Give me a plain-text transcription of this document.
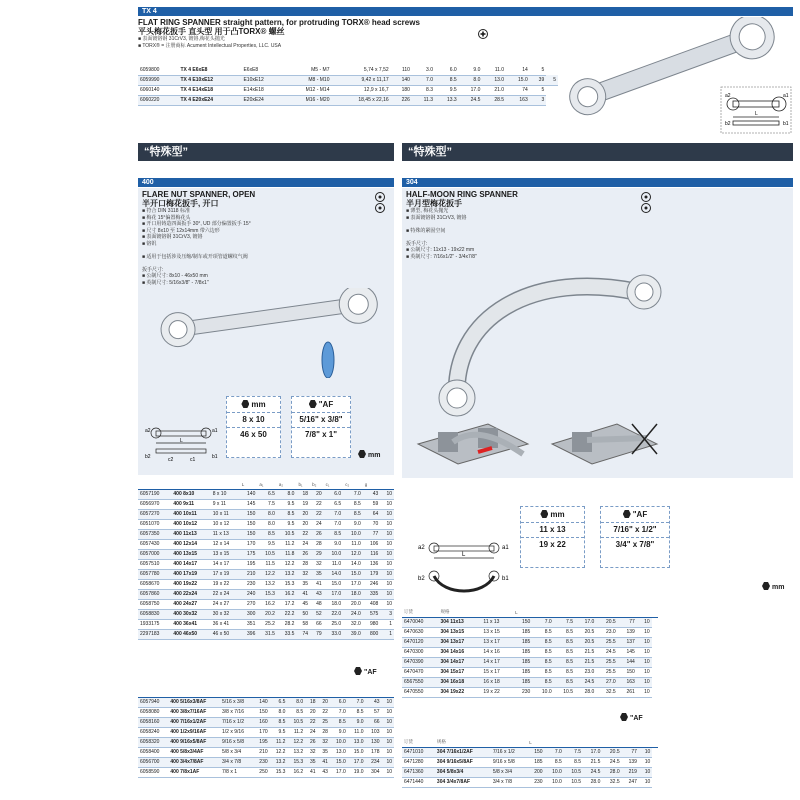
TX 4
FLAT RING SPANNER straight pattern, for protruding TORX® head screws
平头梅花扳手 直头型 用于凸TORX® 螺丝
■ 表面镀铬钢 31CrV3, 镀铬,梅花头抛光
■ TORX® = 注册商标 Acument Intellectual Properties, LLC. USA
a2	a1
L
b2	b1
6059800	TX 4 E6xE8	E6xE8	M5 - M7	5,74 x 7,52	110	3.0	6.0	9.0	11.0	14	5	
6059990	TX 4 E10xE12	E10xE12	M8 - M10	9,42 x 11,17	140	7.0	8.5	8.0	13.0	15.0	39	5
6060140	TX 4 E14xE18	E14xE18	M12 - M14	12,9 x 16,7	180	8.3	9.5	17.0	21.0	74	5	
6060220	TX 4 E20xE24	E20xE24	M16 - M20	18,45 x 22,16	226	11.3	13.3	24.5	28.5	163	3	
“特殊型”	“特殊型”
400
FLARE NUT SPANNER, OPEN
半开口梅花扳手, 开口
■ 符合 DIN 3118 标准
■ 梅花 15°偏置梅花头
■ 开口用铸造四面扳手 30°, UD 部分偏置扳手 15°
■ 尺寸 8x10 至 12x14mm 带六边形
■ 表面镀铬钢 31CrV3, 镀铬
■ 铬钒

■ 适用于包括涉及压缩/制车或开项管道螺纹气阀

扳手尺寸:
■ 公制尺寸: 8x10 - 46x50 mm
■ 英制尺寸: 5/16x3/8" - 7/8x1"
a2	a1
L
b2	c2	c1	b1
mm
8 x 10
46 x 50
"AF
5/16" x 3/8"
7/8" x 1"
mm
			L	a₁	a₂	b₁	b₂	c₁	c₂	g	
6057190	400 8x10	8 x 10	140	6.5	8.0	18	20	6.0	7.0	43	10
6056970	400 9x11	9 x 11	145	7.5	9.5	19	22	6.5	8.5	59	10
6057270	400 10x11	10 x 11	150	8.0	8.5	20	22	7.0	8.5	64	10
6051070	400 10x12	10 x 12	150	8.0	9.5	20	24	7.0	9.0	70	10
6057350	400 11x13	11 x 13	150	8.5	10.5	22	26	8.5	10.0	77	10
6057430	400 12x14	12 x 14	170	9.5	11.2	24	28	9.0	11.0	106	10
6057000	400 13x15	13 x 15	175	10.5	11.8	26	29	10.0	12.0	116	10
6057510	400 14x17	14 x 17	195	11.5	12.2	28	32	11.0	14.0	136	10
6057780	400 17x19	17 x 19	210	12.2	13.2	32	35	14.0	15.0	179	10
6058670	400 19x22	19 x 22	230	13.2	15.3	35	41	15.0	17.0	246	10
6057860	400 22x24	22 x 24	240	15.3	16.2	41	43	17.0	18.0	335	10
6058750	400 24x27	24 x 27	270	16.2	17.2	45	48	18.0	20.0	408	10
6058830	400 30x32	30 x 32	300	20.2	22.2	50	52	22.0	24.0	575	3
1933175	400 36x41	36 x 41	351	25.2	28.2	58	66	25.0	32.0	980	1
2297183	400 46x50	46 x 50	396	31.5	33.5	74	79	33.0	39.0	800	1
"AF

6057940	400 5/16x3/8AF	5/16 x 3/8	140	6.5	8.0	18	20	6.0	7.0	43	10
6058080	400 3/8x7/16AF	3/8 x 7/16	150	8.0	8.5	20	22	7.0	8.5	57	10
6058160	400 7/16x1/2AF	7/16 x 1/2	160	8.5	10.5	22	25	8.5	9.0	66	10
6058240	400 1/2x9/16AF	1/2 x 9/16	170	9.5	11.2	24	28	9.0	11.0	103	10
6058320	400 9/16x5/8AF	9/16 x 5/8	195	11.2	12.2	26	32	10.0	13.0	130	10
6058400	400 5/8x3/4AF	5/8 x 3/4	210	12.2	13.2	32	35	13.0	15.0	178	10
6056700	400 3/4x7/8AF	3/4 x 7/8	230	13.2	15.3	35	41	15.0	17.0	234	10
6058590	400 7/8x1AF	7/8 x 1	250	15.3	16.2	41	43	17.0	19.0	304	10
304
HALF-MOON RING SPANNER
半月型梅花扳手
■ 薄型, 梅花头抛光
■ 表面镀铬钢 31CrV3, 镀铬

■ 特殊的紧固空间

扳手尺寸:
■ 公制尺寸: 11x13 - 19x22 mm
■ 英制尺寸: 7/16x1/2" - 3/4x7/8"
a2	a1
L
b2	b1
mm
11 x 13
19 x 22
"AF
7/16" x 1/2"
3/4" x 7/8"
mm
订货	规格		L							
6470040	304 11x13	11 x 13	150	7.0	7.5	17.0	20.5	77	10	
6470630	304 13x15	13 x 15	185	8.5	8.5	20.5	23.0	139	10	
6470120	304 13x17	13 x 17	185	8.5	8.5	20.5	25.5	137	10	
6470300	304 14x16	14 x 16	185	8.5	8.5	21.5	24.5	145	10	
6470390	304 14x17	14 x 17	185	8.5	8.5	21.5	25.5	144	10	
6470470	304 15x17	15 x 17	185	8.5	8.5	23.0	25.5	150	10	
6567550	304 16x18	16 x 18	185	8.5	8.5	24.5	27.0	163	10	
6470550	304 19x22	19 x 22	230	10.0	10.5	28.0	32.5	261	10	
"AF
订货	规格		L							
6471010	304 7/16x1/2AF	7/16 x 1/2	150	7.0	7.5	17.0	20.5	77	10	
6471280	304 9/16x5/8AF	9/16 x 5/8	185	8.5	8.5	21.5	24.5	139	10	
6471360	304 5/8x3/4	5/8 x 3/4	200	10.0	10.5	24.5	28.0	219	10	
6471440	304 3/4x7/8AF	3/4 x 7/8	230	10.0	10.5	28.0	32.5	247	10	
